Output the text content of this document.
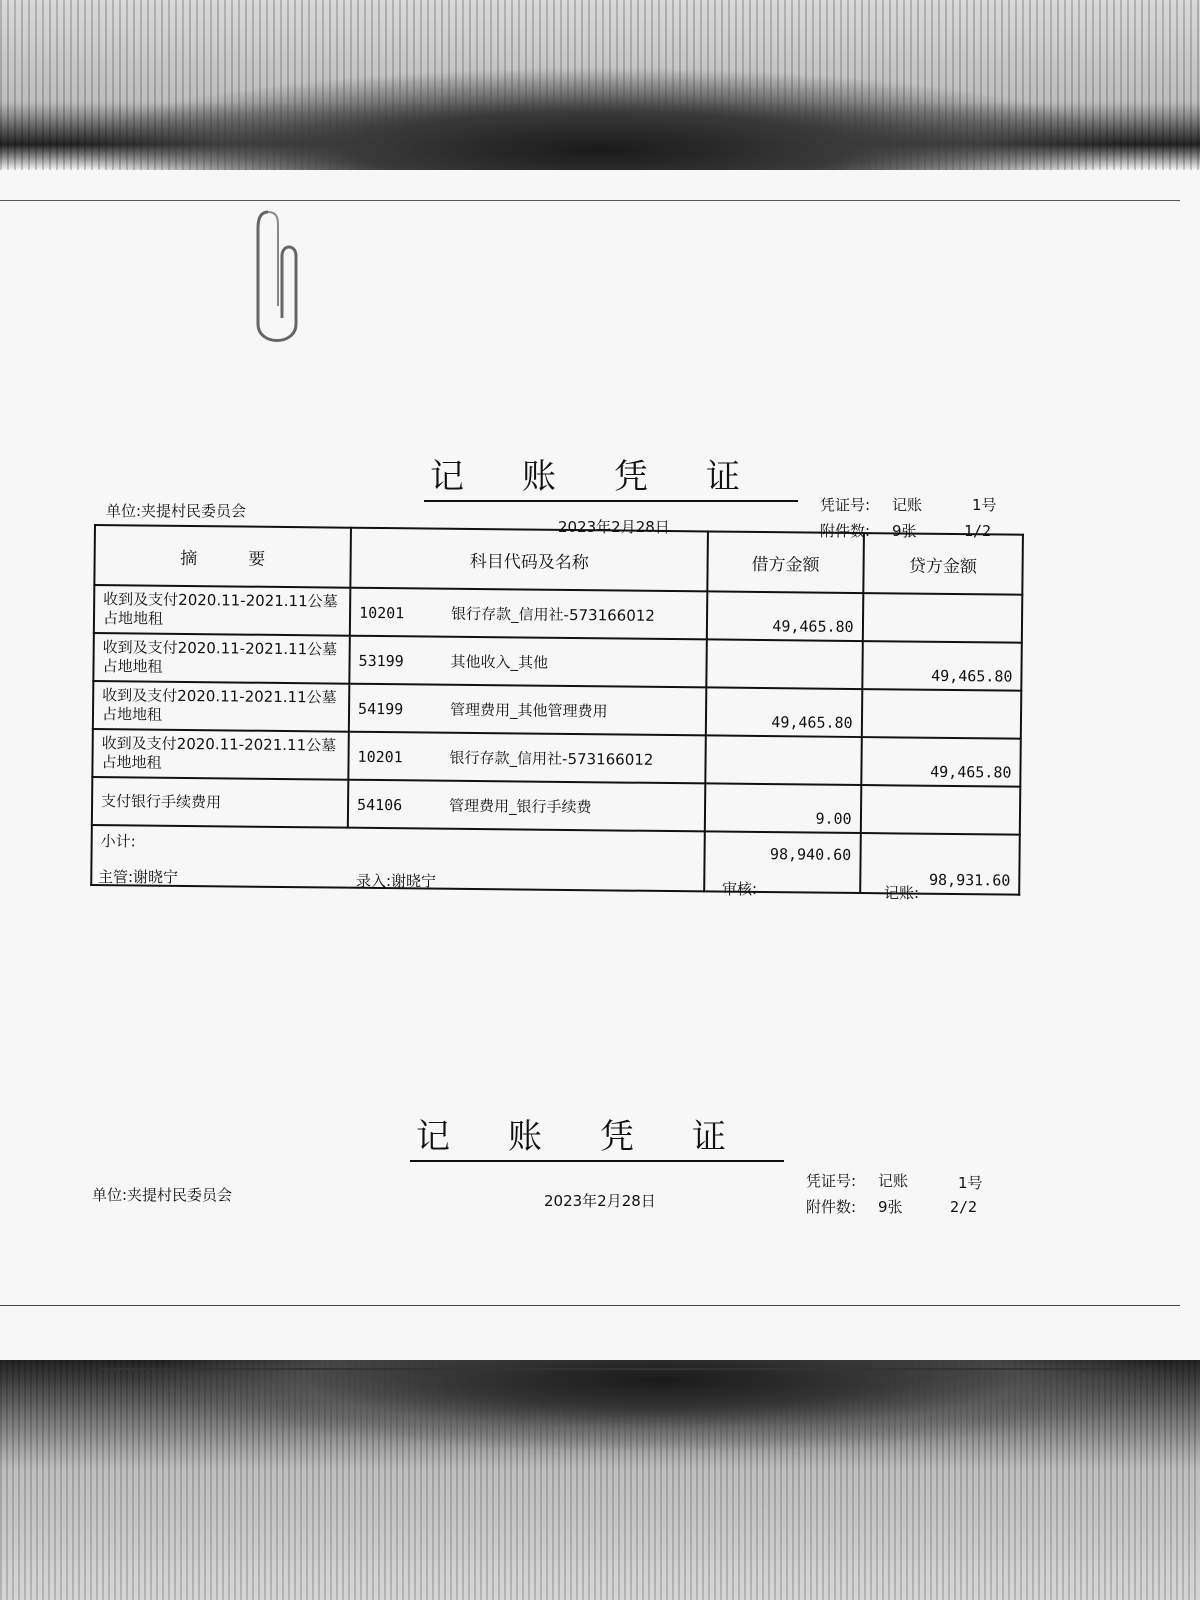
记账凭证
单位:夹提村民委员会
2023年2月28日
凭证号: 记账	1号
附件数: 9张	1/2
摘　　　要	科目代码及名称	借方金额	贷方金额
收到及支付2020.11-2021.11公墓占地地租	10201 银行存款_信用社-573166012	49,465.80	
收到及支付2020.11-2021.11公墓占地地租	53199 其他收入_其他		49,465.80
收到及支付2020.11-2021.11公墓占地地租	54199 管理费用_其他管理费用	49,465.80	
收到及支付2020.11-2021.11公墓占地地租	10201 银行存款_信用社-573166012		49,465.80
支付银行手续费用	54106 管理费用_银行手续费	9.00	
小计:		98,940.60	98,931.60
主管:谢晓宁	录入:谢晓宁	审核:	记账:
记账凭证
单位:夹提村民委员会	2023年2月28日
凭证号: 记账	1号
附件数: 9张	2/2
